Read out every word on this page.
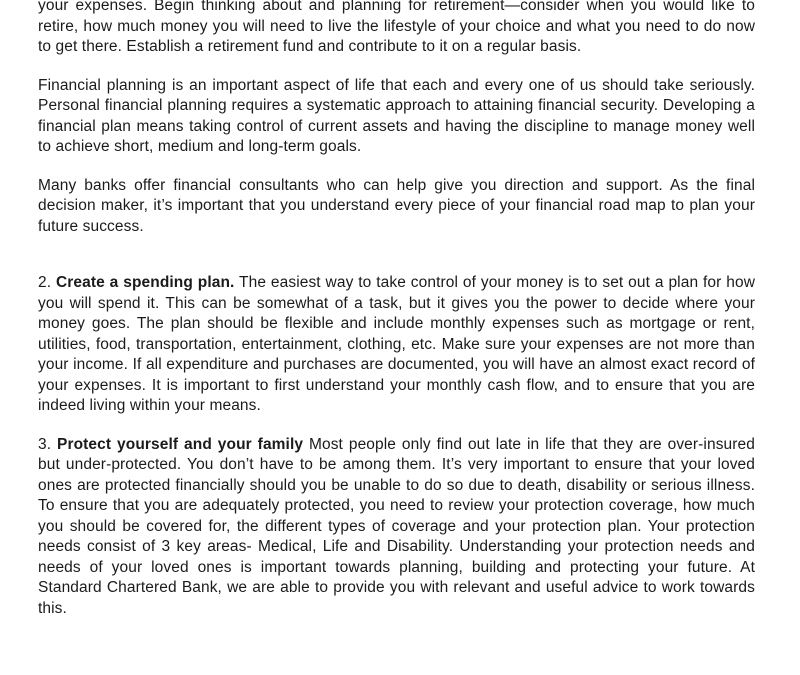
your expenses. Begin thinking about and planning for retirement—consider when you would like to retire, how much money you will need to live the lifestyle of your choice and what you need to do now to get there. Establish a retirement fund and contribute to it on a regular basis.

Financial planning is an important aspect of life that each and every one of us should take seriously. Personal financial planning requires a systematic approach to attaining financial security. Developing a financial plan means taking control of current assets and having the discipline to manage money well to achieve short, medium and long-term goals.

Many banks offer financial consultants who can help give you direction and support. As the final decision maker, it’s important that you understand every piece of your financial road map to plan your future success.

2. Create a spending plan. The easiest way to take control of your money is to set out a plan for how you will spend it. This can be somewhat of a task, but it gives you the power to decide where your money goes. The plan should be flexible and include monthly expenses such as mortgage or rent, utilities, food, transportation, entertainment, clothing, etc. Make sure your expenses are not more than your income. If all expenditure and purchases are documented, you will have an almost exact record of your expenses. It is important to first understand your monthly cash flow, and to ensure that you are indeed living within your means.

3. Protect yourself and your family Most people only find out late in life that they are over-insured but under-protected. You don’t have to be among them. It’s very important to ensure that your loved ones are protected financially should you be unable to do so due to death, disability or serious illness. To ensure that you are adequately protected, you need to review your protection coverage, how much you should be covered for, the different types of coverage and your protection plan. Your protection needs consist of 3 key areas- Medical, Life and Disability. Understanding your protection needs and needs of your loved ones is important towards planning, building and protecting your future. At Standard Chartered Bank, we are able to provide you with relevant and useful advice to work towards this.
